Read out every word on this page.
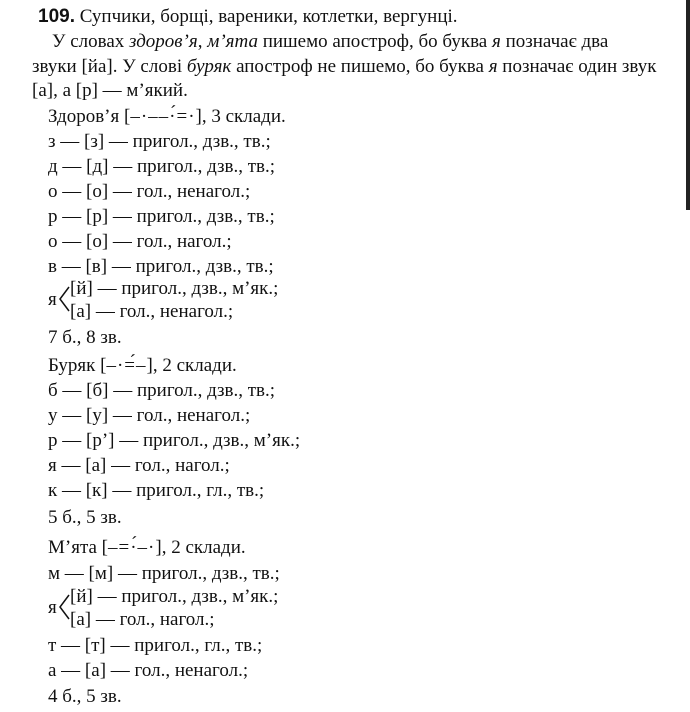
109. Супчики, борщі, вареники, котлетки, вергунці.
У словах здоров’я, м’ята пишемо апостроф, бо буква я позначає два
звуки [йа]. У слові буряк апостроф не пишемо, бо буква я позначає один звук
[а], а [р] — м’який.
Здоров’я [–·––·́=·], 3 склади.
з — [з] — пригол., дзв., тв.;
д — [д] — пригол., дзв., тв.;
о — [о] — гол., ненагол.;
р — [р] — пригол., дзв., тв.;
о — [о] — гол., нагол.;
в — [в] — пригол., дзв., тв.;
я
[й] — пригол., дзв., м’як.;
[а] — гол., ненагол.;
7 б., 8 зв.
Буряк [–·=́–], 2 склади.
б — [б] — пригол., дзв., тв.;
у — [у] — гол., ненагол.;
р — [р’] — пригол., дзв., м’як.;
я — [а] — гол., нагол.;
к — [к] — пригол., гл., тв.;
5 б., 5 зв.
М’ята [–=·́–·], 2 склади.
м — [м] — пригол., дзв., тв.;
я
[й] — пригол., дзв., м’як.;
[а] — гол., нагол.;
т — [т] — пригол., гл., тв.;
а — [а] — гол., ненагол.;
4 б., 5 зв.
